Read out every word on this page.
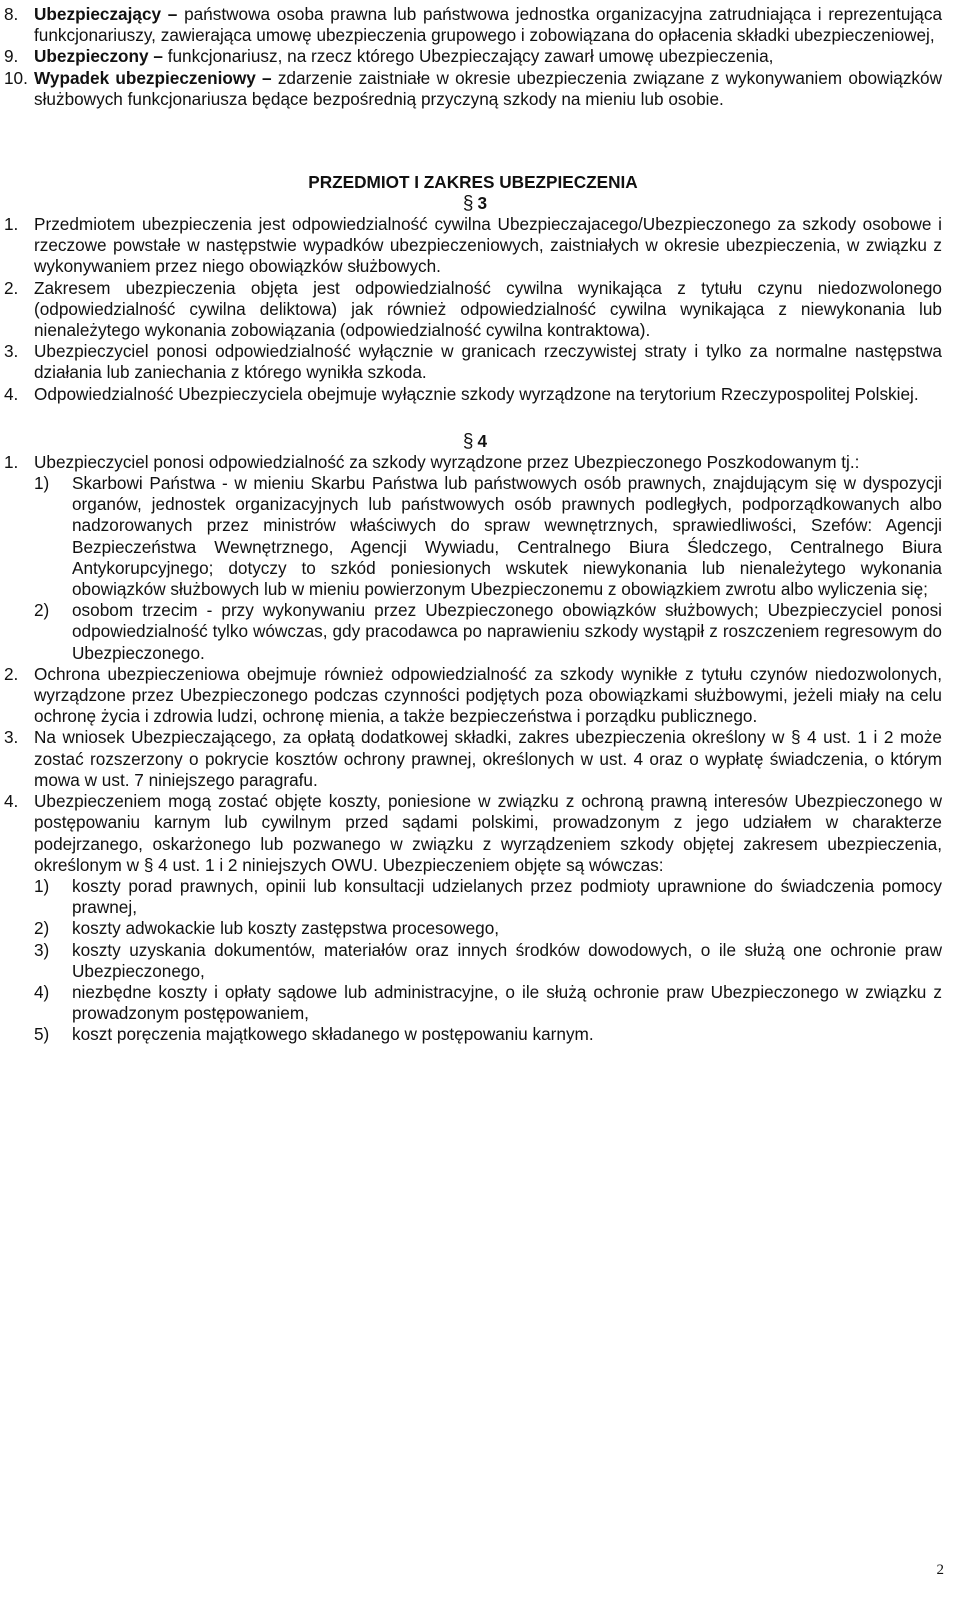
8. Ubezpieczający – państwowa osoba prawna lub państwowa jednostka organizacyjna zatrudniająca i reprezentująca funkcjonariuszy, zawierająca umowę ubezpieczenia grupowego i zobowiązana do opłacenia składki ubezpieczeniowej,
9. Ubezpieczony – funkcjonariusz, na rzecz którego Ubezpieczający zawarł umowę ubezpieczenia,
10. Wypadek ubezpieczeniowy – zdarzenie zaistniałe w okresie ubezpieczenia związane z wykonywaniem obowiązków służbowych funkcjonariusza będące bezpośrednią przyczyną szkody na mieniu lub osobie.
PRZEDMIOT I ZAKRES UBEZPIECZENIA
§ 3
1. Przedmiotem ubezpieczenia jest odpowiedzialność cywilna Ubezpieczajacego/Ubezpieczonego za szkody osobowe i rzeczowe powstałe w następstwie wypadków ubezpieczeniowych, zaistniałych w okresie ubezpieczenia, w związku z wykonywaniem przez niego obowiązków służbowych.
2. Zakresem ubezpieczenia objęta jest odpowiedzialność cywilna wynikająca z tytułu czynu niedozwolonego (odpowiedzialność cywilna deliktowa) jak również odpowiedzialność cywilna wynikająca z niewykonania lub nienależytego wykonania zobowiązania (odpowiedzialność cywilna kontraktowa).
3. Ubezpieczyciel ponosi odpowiedzialność wyłącznie w granicach rzeczywistej straty i tylko za normalne następstwa działania lub zaniechania z którego wynikła szkoda.
4. Odpowiedzialność Ubezpieczyciela obejmuje wyłącznie szkody wyrządzone na terytorium Rzeczypospolitej Polskiej.
§ 4
1. Ubezpieczyciel ponosi odpowiedzialność za szkody wyrządzone przez Ubezpieczonego Poszkodowanym tj.:
1) Skarbowi Państwa - w mieniu Skarbu Państwa lub państwowych osób prawnych, znajdującym się w dyspozycji organów, jednostek organizacyjnych lub państwowych osób prawnych podległych, podporządkowanych albo nadzorowanych przez ministrów właściwych do spraw wewnętrznych, sprawiedliwości, Szefów: Agencji Bezpieczeństwa Wewnętrznego, Agencji Wywiadu, Centralnego Biura Śledczego, Centralnego Biura Antykorupcyjnego; dotyczy to szkód poniesionych wskutek niewykonania lub nienależytego wykonania obowiązków służbowych lub w mieniu powierzonym Ubezpieczonemu z obowiązkiem zwrotu albo wyliczenia się;
2) osobom trzecim - przy wykonywaniu przez Ubezpieczonego obowiązków służbowych; Ubezpieczyciel ponosi odpowiedzialność tylko wówczas, gdy pracodawca po naprawieniu szkody wystąpił z roszczeniem regresowym do Ubezpieczonego.
2. Ochrona ubezpieczeniowa obejmuje również odpowiedzialność za szkody wynikłe z tytułu czynów niedozwolonych, wyrządzone przez Ubezpieczonego podczas czynności podjętych poza obowiązkami służbowymi, jeżeli miały na celu ochronę życia i zdrowia ludzi, ochronę mienia, a także bezpieczeństwa i porządku publicznego.
3. Na wniosek Ubezpieczającego, za opłatą dodatkowej składki, zakres ubezpieczenia określony w § 4 ust. 1 i 2 może zostać rozszerzony o pokrycie kosztów ochrony prawnej, określonych w ust. 4 oraz o wypłatę świadczenia, o którym mowa w ust. 7 niniejszego paragrafu.
4. Ubezpieczeniem mogą zostać objęte koszty, poniesione w związku z ochroną prawną interesów Ubezpieczonego w postępowaniu karnym lub cywilnym przed sądami polskimi, prowadzonym z jego udziałem w charakterze podejrzanego, oskarżonego lub pozwanego w związku z wyrządzeniem szkody objętej zakresem ubezpieczenia, określonym w § 4 ust. 1 i 2 niniejszych OWU. Ubezpieczeniem objęte są wówczas:
1) koszty porad prawnych, opinii lub konsultacji udzielanych przez podmioty uprawnione do świadczenia pomocy prawnej,
2) koszty adwokackie lub koszty zastępstwa procesowego,
3) koszty uzyskania dokumentów, materiałów oraz innych środków dowodowych, o ile służą one ochronie praw Ubezpieczonego,
4) niezbędne koszty i opłaty sądowe lub administracyjne, o ile służą ochronie praw Ubezpieczonego w związku z prowadzonym postępowaniem,
5) koszt poręczenia majątkowego składanego w postępowaniu karnym.
2
